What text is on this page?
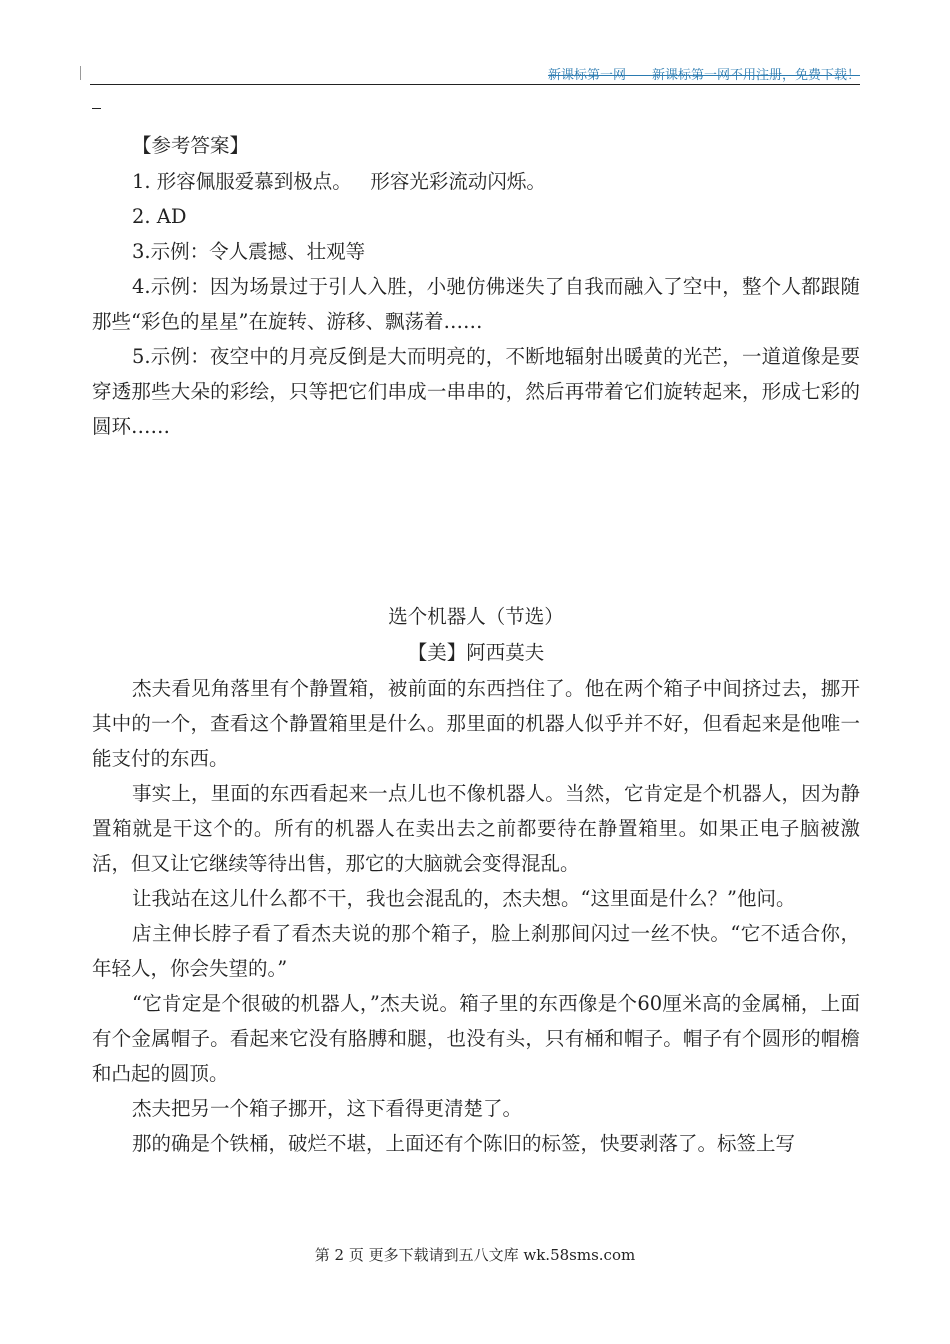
新课标第一网——新课标第一网不用注册，免费下载！

【参考答案】

1. 形容佩服爱慕到极点。   形容光彩流动闪烁。

2. AD

3.示例：令人震撼、壮观等

4.示例：因为场景过于引人入胜，小驰仿佛迷失了自我而融入了空中，整个人都跟随那些“彩色的星星”在旋转、游移、飘荡着……

5.示例：夜空中的月亮反倒是大而明亮的，不断地辐射出暖黄的光芒，一道道像是要穿透那些大朵的彩绘，只等把它们串成一串串的，然后再带着它们旋转起来，形成七彩的圆环……

选个机器人（节选）

【美】阿西莫夫

杰夫看见角落里有个静置箱，被前面的东西挡住了。他在两个箱子中间挤过去，挪开其中的一个，查看这个静置箱里是什么。那里面的机器人似乎并不好，但看起来是他唯一能支付的东西。

事实上，里面的东西看起来一点儿也不像机器人。当然，它肯定是个机器人，因为静置箱就是干这个的。所有的机器人在卖出去之前都要待在静置箱里。如果正电子脑被激活，但又让它继续等待出售，那它的大脑就会变得混乱。

让我站在这儿什么都不干，我也会混乱的，杰夫想。“这里面是什么？”他问。

店主伸长脖子看了看杰夫说的那个箱子，脸上刹那间闪过一丝不快。“它不适合你，年轻人，你会失望的。”

“它肯定是个很破的机器人，”杰夫说。箱子里的东西像是个60厘米高的金属桶，上面有个金属帽子。看起来它没有胳膊和腿，也没有头，只有桶和帽子。帽子有个圆形的帽檐和凸起的圆顶。

杰夫把另一个箱子挪开，这下看得更清楚了。

那的确是个铁桶，破烂不堪，上面还有个陈旧的标签，快要剥落了。标签上写

第 2 页 更多下载请到五八文库 wk.58sms.com
